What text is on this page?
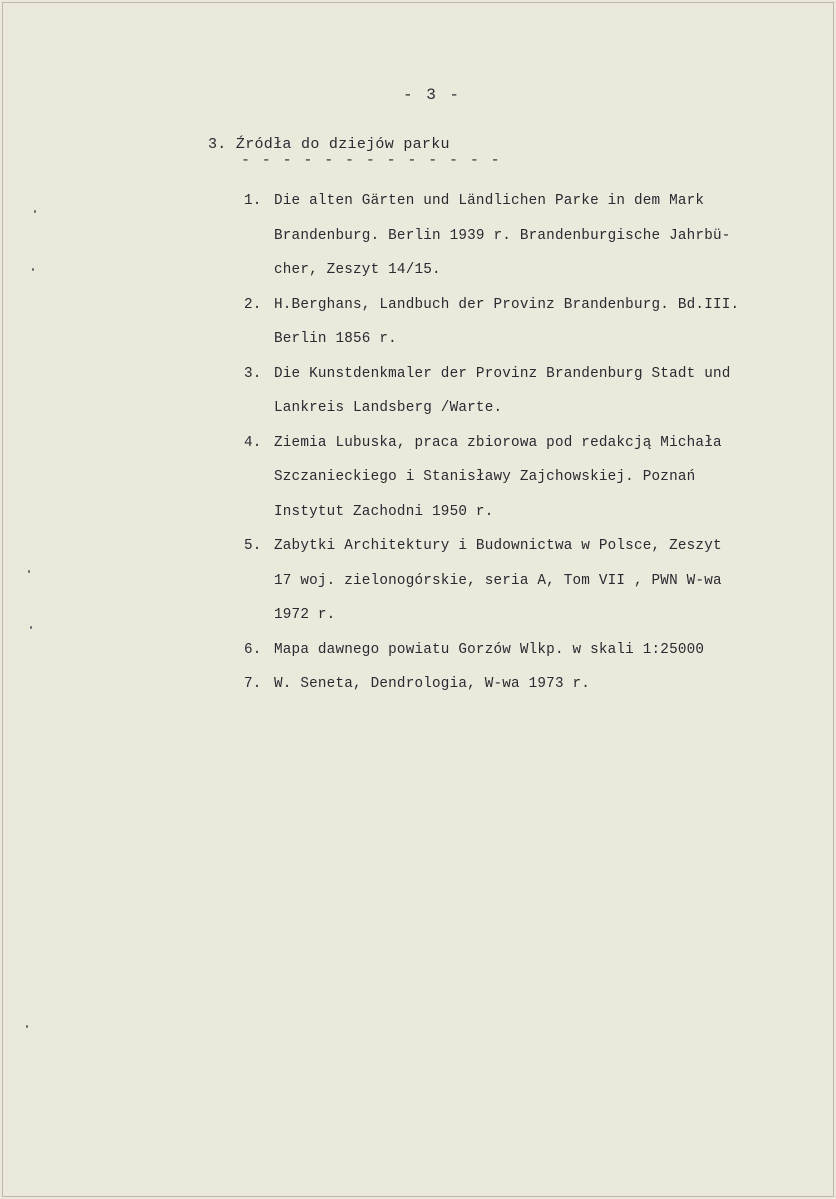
- 3 -
3. Źródła do dziejów parku
- - - - - - - - - - - - -
1. Die alten Gärten und Ländlichen Parke in dem Mark
Brandenburg. Berlin 1939 r. Brandenburgische Jahrbü-
cher, Zeszyt 14/15.
2. H.Berghans, Landbuch der Provinz Brandenburg. Bd.III.
Berlin 1856 r.
3. Die Kunstdenkmaler der Provinz Brandenburg Stadt und
Lankreis Landsberg /Warte.
4. Ziemia Lubuska, praca zbiorowa pod redakcją Michała
Szczanieckiego i Stanisławy Zajchowskiej. Poznań
Instytut Zachodni 1950 r.
5. Zabytki Architektury i Budownictwa w Polsce, Zeszyt
17 woj. zielonogórskie, seria A, Tom VII , PWN W-wa
1972 r.
6. Mapa dawnego powiatu Gorzów Wlkp. w skali 1:25000
7. W. Seneta, Dendrologia, W-wa 1973 r.
